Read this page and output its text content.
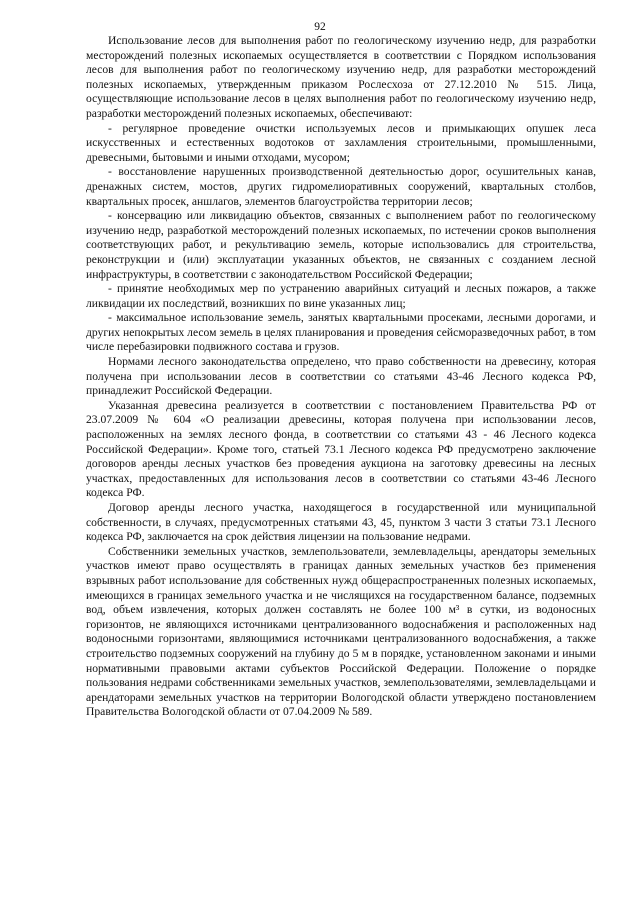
92

Использование лесов для выполнения работ по геологическому изучению недр, для разработки месторождений полезных ископаемых осуществляется в соответствии с Порядком использования лесов для выполнения работ по геологическому изучению недр, для разработки месторождений полезных ископаемых, утвержденным приказом Рослесхоза от 27.12.2010 № 515. Лица, осуществляющие использование лесов в целях выполнения работ по геологическому изучению недр, разработки месторождений полезных ископаемых, обеспечивают:

- регулярное проведение очистки используемых лесов и примыкающих опушек леса искусственных и естественных водотоков от захламления строительными, промышленными, древесными, бытовыми и иными отходами, мусором;

- восстановление нарушенных производственной деятельностью дорог, осушительных канав, дренажных систем, мостов, других гидромелиоративных сооружений, квартальных столбов, квартальных просек, аншлагов, элементов благоустройства территории лесов;

- консервацию или ликвидацию объектов, связанных с выполнением работ по геологическому изучению недр, разработкой месторождений полезных ископаемых, по истечении сроков выполнения соответствующих работ, и рекультивацию земель, которые использовались для строительства, реконструкции и (или) эксплуатации указанных объектов, не связанных с созданием лесной инфраструктуры, в соответствии с законодательством Российской Федерации;

- принятие необходимых мер по устранению аварийных ситуаций и лесных пожаров, а также ликвидации их последствий, возникших по вине указанных лиц;

- максимальное использование земель, занятых квартальными просеками, лесными дорогами, и других непокрытых лесом земель в целях планирования и проведения сейсморазведочных работ, в том числе перебазировки подвижного состава и грузов.

Нормами лесного законодательства определено, что право собственности на древесину, которая получена при использовании лесов в соответствии со статьями 43-46 Лесного кодекса РФ, принадлежит Российской Федерации.

Указанная древесина реализуется в соответствии с постановлением Правительства РФ от 23.07.2009 № 604 «О реализации древесины, которая получена при использовании лесов, расположенных на землях лесного фонда, в соответствии со статьями 43 - 46 Лесного кодекса Российской Федерации». Кроме того, статьей 73.1 Лесного кодекса РФ предусмотрено заключение договоров аренды лесных участков без проведения аукциона на заготовку древесины на лесных участках, предоставленных для использования лесов в соответствии со статьями 43-46 Лесного кодекса РФ.

Договор аренды лесного участка, находящегося в государственной или муниципальной собственности, в случаях, предусмотренных статьями 43, 45, пунктом 3 части 3 статьи 73.1 Лесного кодекса РФ, заключается на срок действия лицензии на пользование недрами.

Собственники земельных участков, землепользователи, землевладельцы, арендаторы земельных участков имеют право осуществлять в границах данных земельных участков без применения взрывных работ использование для собственных нужд общераспространенных полезных ископаемых, имеющихся в границах земельного участка и не числящихся на государственном балансе, подземных вод, объем извлечения, которых должен составлять не более 100 м³ в сутки, из водоносных горизонтов, не являющихся источниками централизованного водоснабжения и расположенных над водоносными горизонтами, являющимися источниками централизованного водоснабжения, а также строительство подземных сооружений на глубину до 5 м в порядке, установленном законами и иными нормативными правовыми актами субъектов Российской Федерации. Положение о порядке пользования недрами собственниками земельных участков, землепользователями, землевладельцами и арендаторами земельных участков на территории Вологодской области утверждено постановлением Правительства Вологодской области от 07.04.2009 № 589.
